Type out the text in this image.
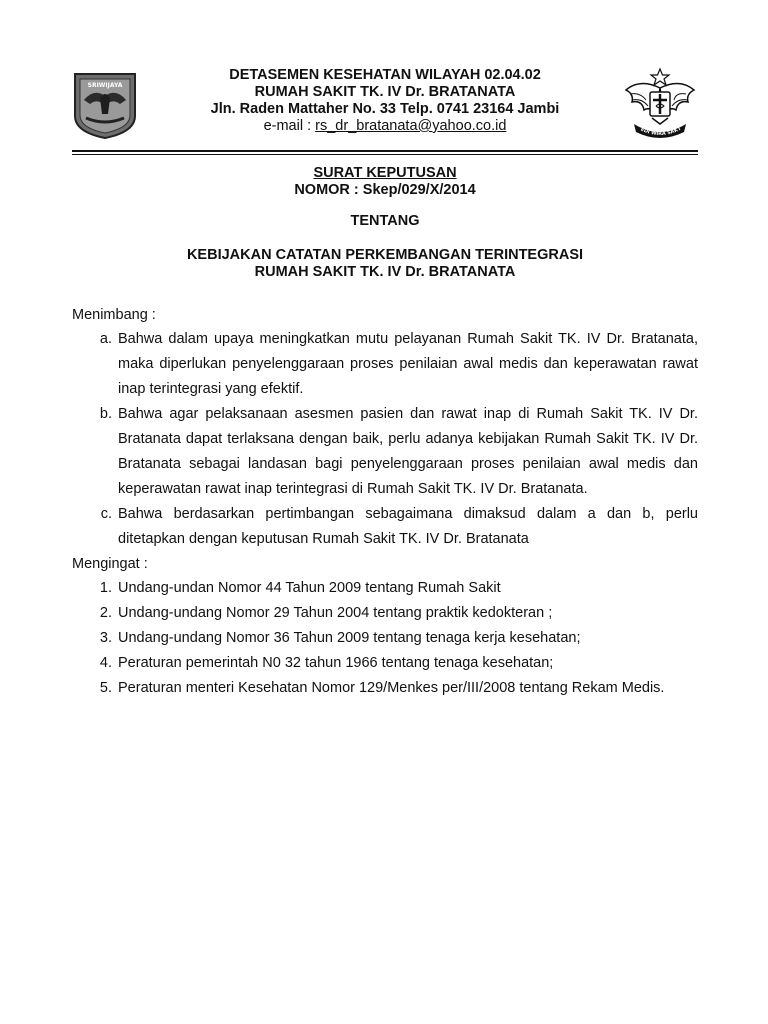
SRIWIJAYA
DETASEMEN KESEHATAN WILAYAH 02.04.02
RUMAH SAKIT TK. IV Dr. BRATANATA
Jln. Raden Mattaher No. 33 Telp. 0741 23164 Jambi
e-mail : rs_dr_bratanata@yahoo.co.id	EDI WIRA SAKT
SURAT KEPUTUSAN
NOMOR : Skep/029/X/2014
TENTANG
KEBIJAKAN CATATAN PERKEMBANGAN TERINTEGRASI
RUMAH SAKIT TK. IV Dr. BRATANATA
Menimbang :
a. Bahwa dalam upaya meningkatkan mutu pelayanan Rumah Sakit TK. IV Dr. Bratanata, maka diperlukan penyelenggaraan proses penilaian awal medis dan keperawatan rawat inap terintegrasi yang efektif.
b. Bahwa agar pelaksanaan asesmen pasien dan rawat inap di Rumah Sakit TK. IV Dr. Bratanata dapat terlaksana dengan baik, perlu adanya kebijakan Rumah Sakit TK. IV Dr. Bratanata sebagai landasan bagi penyelenggaraan proses penilaian awal medis dan keperawatan rawat inap terintegrasi di Rumah Sakit TK. IV Dr. Bratanata.
c. Bahwa berdasarkan pertimbangan sebagaimana dimaksud dalam a dan b, perlu ditetapkan dengan keputusan Rumah Sakit TK. IV Dr. Bratanata
Mengingat :
1. Undang-undan Nomor 44 Tahun 2009 tentang Rumah Sakit
2. Undang-undang Nomor 29 Tahun 2004 tentang praktik kedokteran ;
3. Undang-undang Nomor 36 Tahun 2009 tentang tenaga kerja kesehatan;
4. Peraturan pemerintah N0 32 tahun 1966 tentang tenaga kesehatan;
5. Peraturan menteri Kesehatan Nomor 129/Menkes per/III/2008 tentang Rekam Medis.
